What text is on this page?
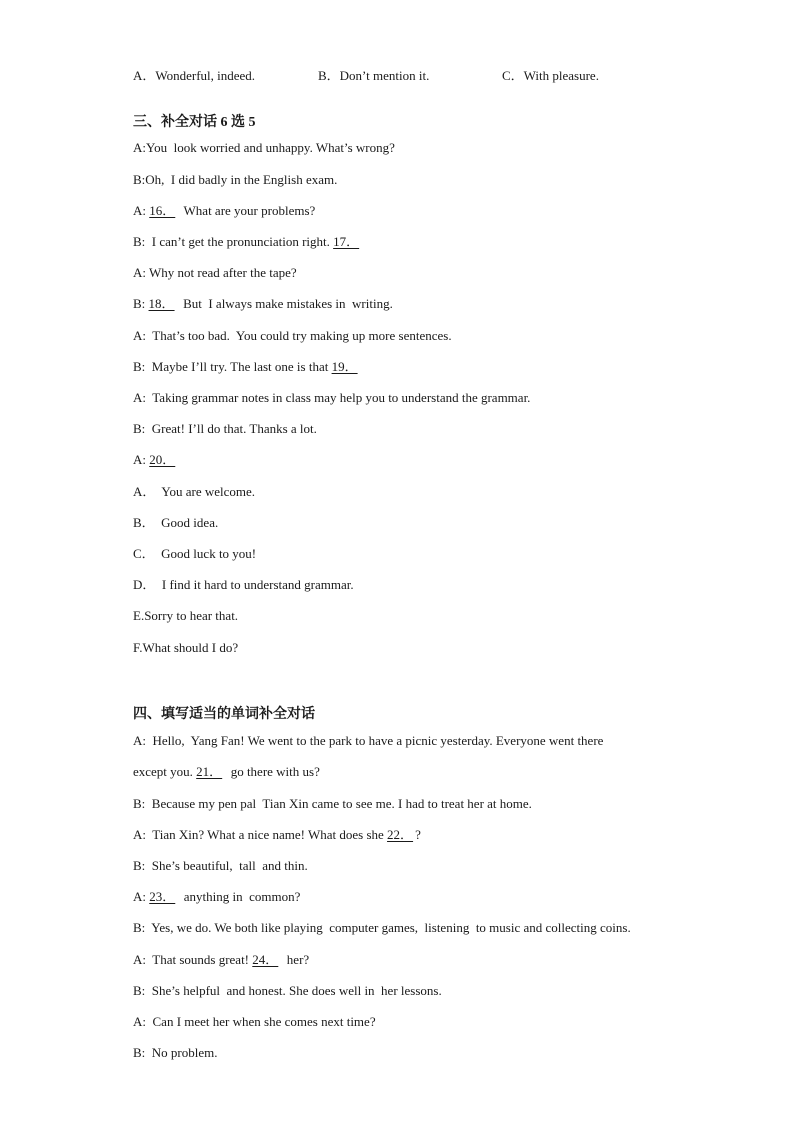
A．Wonderful, indeed.	B．Don’t mention it.	C．With pleasure.
三、补全对话 6 选 5
A:You  look worried and unhappy. What’s wrong?
B:Oh,  I did badly in the English exam.
A: 16．  What are your problems?
B:  I can’t get the pronunciation right. 17．
A: Why not read after the tape?
B: 18．  But  I always make mistakes in  writing.
A:  That’s too bad.  You could try making up more sentences.
B:  Maybe I’ll try. The last one is that 19．
A:  Taking grammar notes in class may help you to understand the grammar.
B:  Great! I’ll do that. Thanks a lot.
A: 20．
A．  You are welcome.
B．  Good idea.
C．  Good luck to you!
D．  I find it hard to understand grammar.
E.Sorry to hear that.
F.What should I do?
四、填写适当的单词补全对话
A:  Hello,  Yang Fan! We went to the park to have a picnic yesterday. Everyone went there
except you. 21．  go there with us?
B:  Because my pen pal  Tian Xin came to see me. I had to treat her at home.
A:  Tian Xin? What a nice name! What does she 22． ?
B:  She’s beautiful,  tall  and thin.
A: 23．  anything in  common?
B:  Yes, we do. We both like playing  computer games,  listening  to music and collecting coins.
A:  That sounds great! 24．  her?
B:  She’s helpful  and honest. She does well in  her lessons.
A:  Can I meet her when she comes next time?
B:  No problem.
